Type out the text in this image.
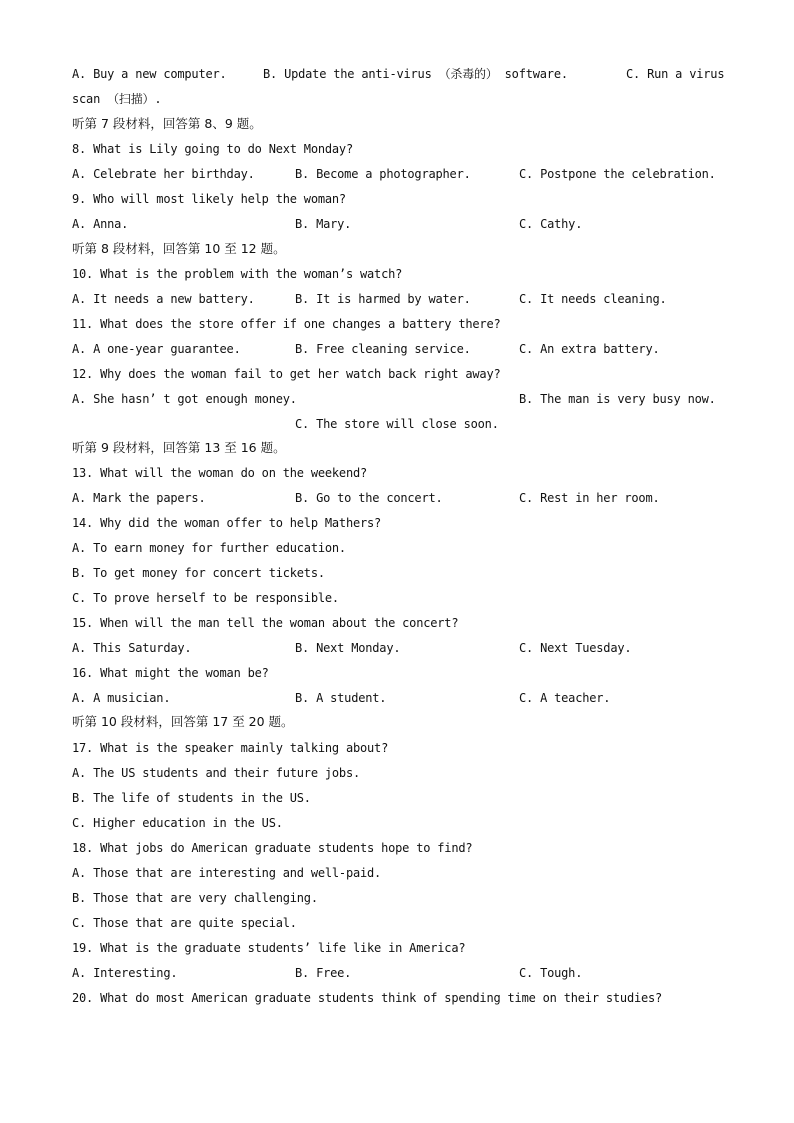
A. Buy a new computer.	B. Update the anti-virus （杀毒的） software.	C. Run a virus
scan （扫描）.
听第 7 段材料，回答第 8、9 题。
8. What is Lily going to do Next Monday?
A. Celebrate her birthday.	B. Become a photographer.	C. Postpone the celebration.
9. Who will most likely help the woman?
A. Anna.	B. Mary.	C. Cathy.
听第 8 段材料，回答第 10 至 12 题。
10. What is the problem with the woman’s watch?
A. It needs a new battery.	B. It is harmed by water.	C. It needs cleaning.
11. What does the store offer if one changes a battery there?
A. A one-year guarantee.	B. Free cleaning service.	C. An extra battery.
12. Why does the woman fail to get her watch back right away?
A. She hasn’ t got enough money.	B. The man is very busy now.
C. The store will close soon.
听第 9 段材料，回答第 13 至 16 题。
13. What will the woman do on the weekend?
A. Mark the papers.	B. Go to the concert.	C. Rest in her room.
14. Why did the woman offer to help Mathers?
A. To earn money for further education.
B. To get money for concert tickets.
C. To prove herself to be responsible.
15. When will the man tell the woman about the concert?
A. This Saturday.	B. Next Monday.	C. Next Tuesday.
16. What might the woman be?
A. A musician.	B. A student.	C. A teacher.
听第 10 段材料，回答第 17 至 20 题。
17. What is the speaker mainly talking about?
A. The US students and their future jobs.
B. The life of students in the US.
C. Higher education in the US.
18. What jobs do American graduate students hope to find?
A. Those that are interesting and well-paid.
B. Those that are very challenging.
C. Those that are quite special.
19. What is the graduate students’ life like in America?
A. Interesting.	B. Free.	C. Tough.
20. What do most American graduate students think of spending time on their studies?
